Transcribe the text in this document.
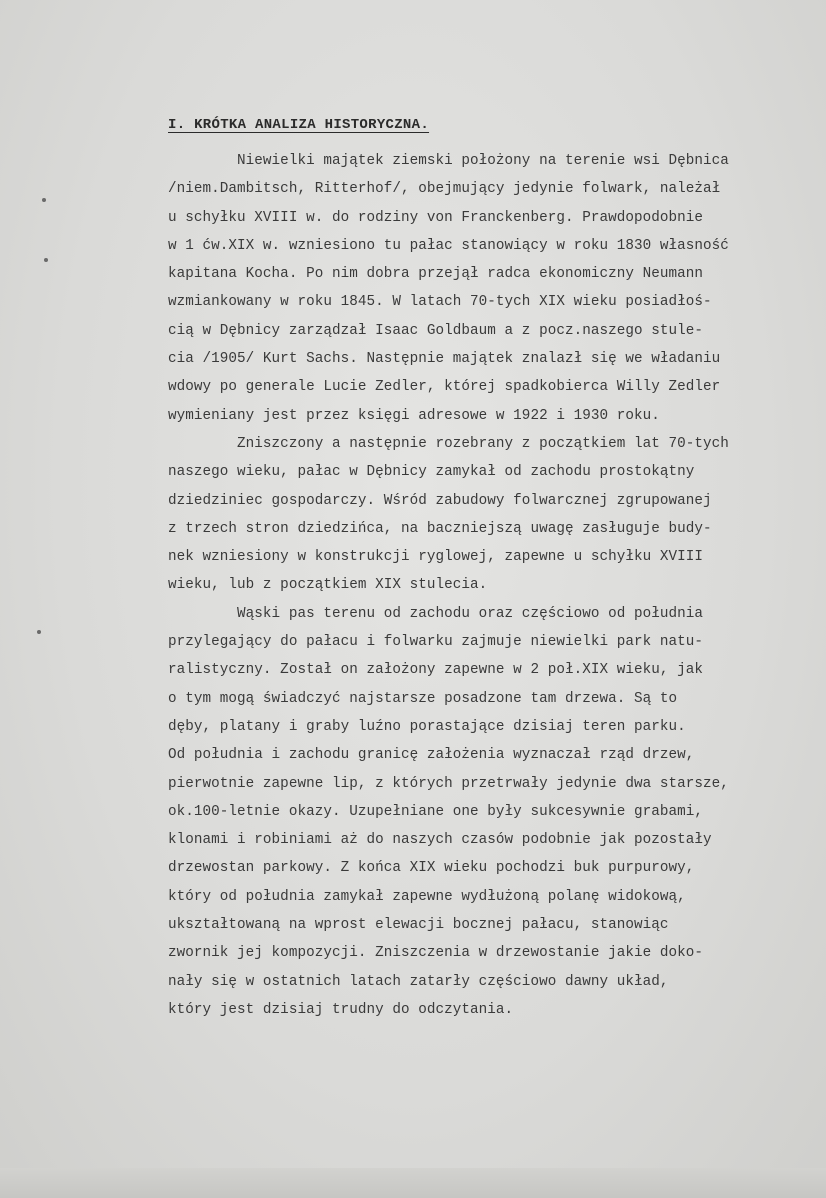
I. KRÓTKA ANALIZA HISTORYCZNA.

Niewielki majątek ziemski położony na terenie wsi Dębnica
/niem.Dambitsch, Ritterhof/, obejmujący jedynie folwark, należał
u schyłku XVIII w. do rodziny von Franckenberg. Prawdopodobnie
w 1 ćw.XIX w. wzniesiono tu pałac stanowiący w roku 1830 własność
kapitana Kocha. Po nim dobra przejął radca ekonomiczny Neumann
wzmiankowany w roku 1845. W latach 70-tych XIX wieku posiadłoś-
cią w Dębnicy zarządzał Isaac Goldbaum a z pocz.naszego stule-
cia /1905/ Kurt Sachs. Następnie majątek znalazł się we władaniu
wdowy po generale Lucie Zedler, której spadkobierca Willy Zedler
wymieniany jest przez księgi adresowe w 1922 i 1930 roku.

Zniszczony a następnie rozebrany z początkiem lat 70-tych
naszego wieku, pałac w Dębnicy zamykał od zachodu prostokątny
dziedziniec gospodarczy. Wśród zabudowy folwarcznej zgrupowanej
z trzech stron dziedzińca, na baczniejszą uwagę zasługuje budy-
nek wzniesiony w konstrukcji ryglowej, zapewne u schyłku XVIII
wieku, lub z początkiem XIX stulecia.

Wąski pas terenu od zachodu oraz częściowo od południa
przylegający do pałacu i folwarku zajmuje niewielki park natu-
ralistyczny. Został on założony zapewne w 2 poł.XIX wieku, jak
o tym mogą świadczyć najstarsze posadzone tam drzewa. Są to
dęby, platany i graby luźno porastające dzisiaj teren parku.
Od południa i zachodu granicę założenia wyznaczał rząd drzew,
pierwotnie zapewne lip, z których przetrwały jedynie dwa starsze,
ok.100-letnie okazy. Uzupełniane one były sukcesywnie grabami,
klonami i robiniami aż do naszych czasów podobnie jak pozostały
drzewostan parkowy. Z końca XIX wieku pochodzi buk purpurowy,
który od południa zamykał zapewne wydłużoną polanę widokową,
ukształtowaną na wprost elewacji bocznej pałacu, stanowiąc
zwornik jej kompozycji. Zniszczenia w drzewostanie jakie doko-
nały się w ostatnich latach zatarły częściowo dawny układ,
który jest dzisiaj trudny do odczytania.
